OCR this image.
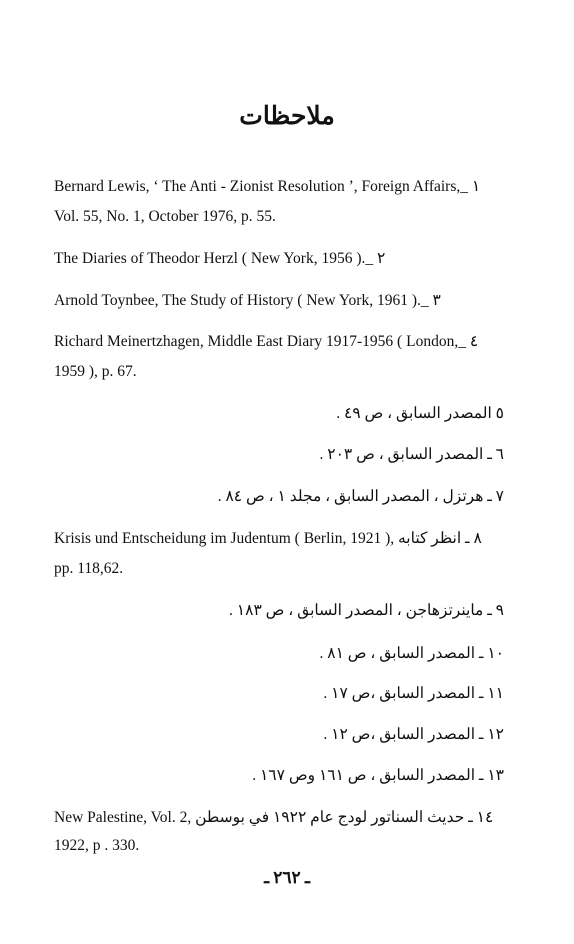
ملاحظات
Bernard Lewis, ‘ The Anti - Zionist Resolution ’, Foreign Affairs,_ ١
Vol. 55, No. 1, October 1976, p. 55.
The Diaries of Theodor Herzl ( New York, 1956 )._ ٢
Arnold Toynbee, The Study of History ( New York, 1961 )._ ٣
Richard Meinertzhagen, Middle East Diary 1917-1956 ( London,_ ٤
1959 ), p. 67.
٥ المصدر السابق ، ص ٤٩ .
٦ ـ المصدر السابق ، ص ٢٠٣ .
٧ ـ هرتزل ، المصدر السابق ، مجلد ١ ، ص ٨٤ .
Krisis und Entscheidung im Judentum ( Berlin, 1921 ), انظر كتابه ٨ ـ
pp. 118,62.
٩ ـ ماينرتزهاجن ، المصدر السابق ، ص ١٨٣ .
١٠ ـ المصدر السابق ، ص ٨١ .
١١ ـ المصدر السابق ،ص ١٧ .
١٢ ـ المصدر السابق ،ص ١٢ .
١٣ ـ المصدر السابق ، ص ١٦١ وص ١٦٧ .
New Palestine, Vol. 2, حديث السناتور لودج عام ١٩٢٢ في بوسطن ١٤ ـ
1922, p . 330.
ـ ٢٦٢ ـ
